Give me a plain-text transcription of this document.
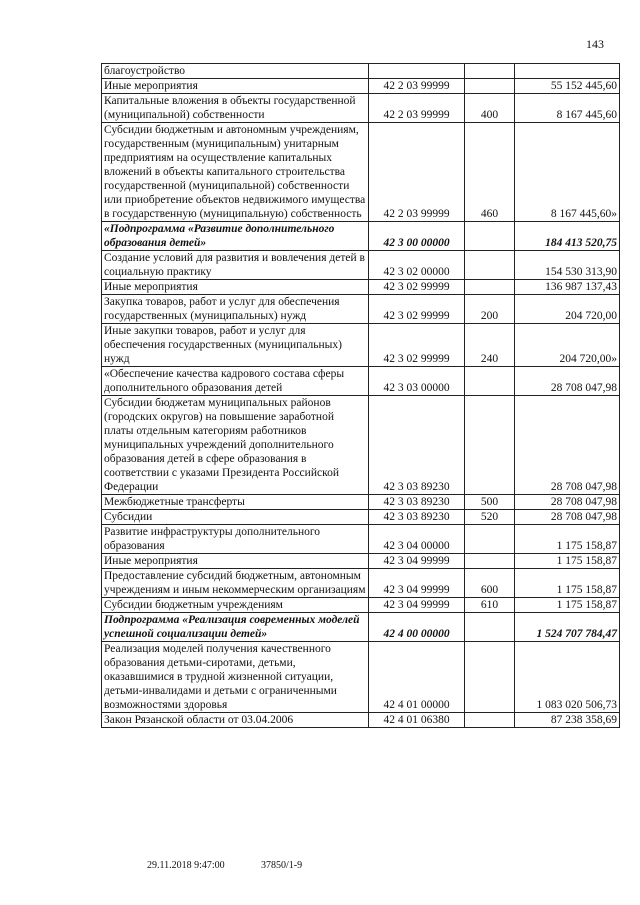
143
благоустройство			
Иные мероприятия	42 2 03 99999		55 152 445,60
Капитальные вложения в объекты государственной (муниципальной) собственности	42 2 03 99999	400	8 167 445,60
Субсидии бюджетным и автономным учреждениям, государственным (муниципальным) унитарным предприятиям на осуществление капитальных вложений в объекты капитального строительства государственной (муниципальной) собственности или приобретение объектов недвижимого имущества в государственную (муниципальную) собственность	42 2 03 99999	460	8 167 445,60»
«Подпрограмма «Развитие дополнительного образования детей»	42 3 00 00000		184 413 520,75
Создание условий для развития и вовлечения детей в социальную практику	42 3 02 00000		154 530 313,90
Иные мероприятия	42 3 02 99999		136 987 137,43
Закупка товаров, работ и услуг для обеспечения государственных (муниципальных) нужд	42 3 02 99999	200	204 720,00
Иные закупки товаров, работ и услуг для обеспечения государственных (муниципальных) нужд	42 3 02 99999	240	204 720,00»
«Обеспечение качества кадрового состава сферы дополнительного образования детей	42 3 03 00000		28 708 047,98
Субсидии бюджетам муниципальных районов (городских округов) на повышение заработной платы отдельным категориям работников муниципальных учреждений дополнительного образования детей в сфере образования в соответствии с указами Президента Российской Федерации	42 3 03 89230		28 708 047,98
Межбюджетные трансферты	42 3 03 89230	500	28 708 047,98
Субсидии	42 3 03 89230	520	28 708 047,98
Развитие инфраструктуры дополнительного образования	42 3 04 00000		1 175 158,87
Иные мероприятия	42 3 04 99999		1 175 158,87
Предоставление субсидий бюджетным, автономным учреждениям и иным некоммерческим организациям	42 3 04 99999	600	1 175 158,87
Субсидии бюджетным учреждениям	42 3 04 99999	610	1 175 158,87
Подпрограмма «Реализация современных моделей успешной социализации детей»	42 4 00 00000		1 524 707 784,47
Реализация моделей получения качественного образования детьми-сиротами, детьми, оказавшимися в трудной жизненной ситуации, детьми-инвалидами и детьми с ограниченными возможностями здоровья	42 4 01 00000		1 083 020 506,73
Закон Рязанской области от 03.04.2006	42 4 01 06380		87 238 358,69
29.11.2018 9:47:00	37850/1-9
